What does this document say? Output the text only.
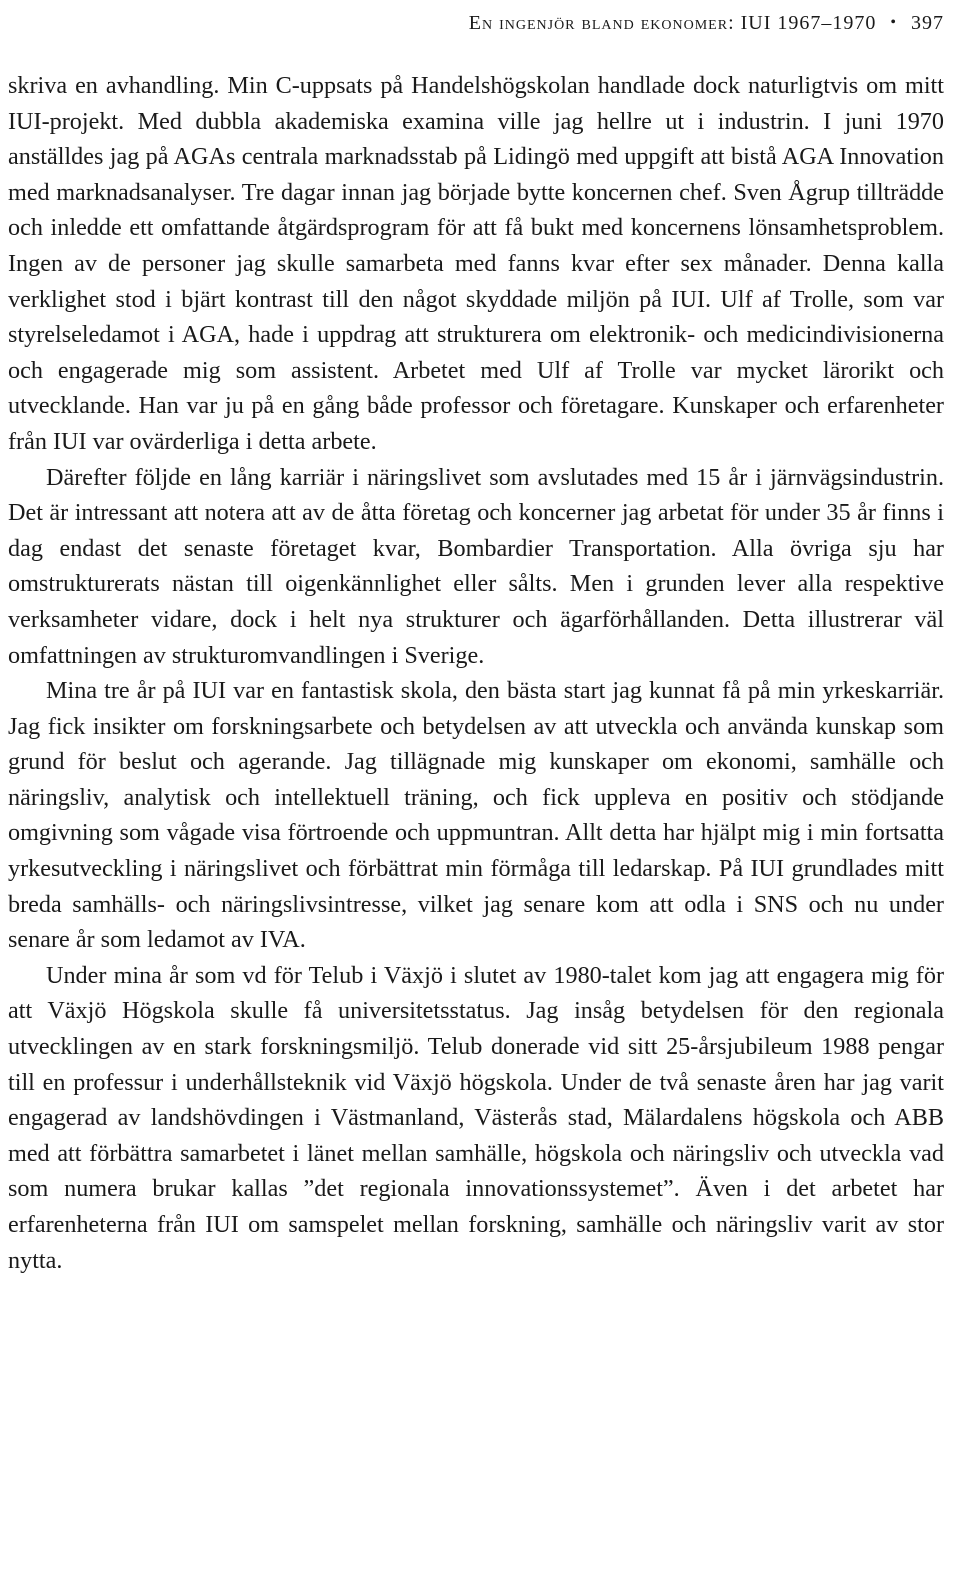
En ingenjör bland ekonomer: IUI 1967–1970 • 397

skriva en avhandling. Min C-uppsats på Handelshögskolan handlade dock naturligtvis om mitt IUI-projekt. Med dubbla akademiska examina ville jag hellre ut i industrin. I juni 1970 anställdes jag på AGAs centrala marknadsstab på Lidingö med uppgift att bistå AGA Innovation med marknadsanalyser. Tre dagar innan jag började bytte koncernen chef. Sven Ågrup tillträdde och inledde ett omfattande åtgärdsprogram för att få bukt med koncernens lönsamhetsproblem. Ingen av de personer jag skulle samarbeta med fanns kvar efter sex månader. Denna kalla verklighet stod i bjärt kontrast till den något skyddade miljön på IUI. Ulf af Trolle, som var styrelseledamot i AGA, hade i uppdrag att strukturera om elektronik- och medicindivisionerna och engagerade mig som assistent. Arbetet med Ulf af Trolle var mycket lärorikt och utvecklande. Han var ju på en gång både professor och företagare. Kunskaper och erfarenheter från IUI var ovärderliga i detta arbete.

Därefter följde en lång karriär i näringslivet som avslutades med 15 år i järnvägsindustrin. Det är intressant att notera att av de åtta företag och koncerner jag arbetat för under 35 år finns i dag endast det senaste företaget kvar, Bombardier Transportation. Alla övriga sju har omstrukturerats nästan till oigenkännlighet eller sålts. Men i grunden lever alla respektive verksamheter vidare, dock i helt nya strukturer och ägarförhållanden. Detta illustrerar väl omfattningen av strukturomvandlingen i Sverige.

Mina tre år på IUI var en fantastisk skola, den bästa start jag kunnat få på min yrkeskarriär. Jag fick insikter om forskningsarbete och betydelsen av att utveckla och använda kunskap som grund för beslut och agerande. Jag tillägnade mig kunskaper om ekonomi, samhälle och näringsliv, analytisk och intellektuell träning, och fick uppleva en positiv och stödjande omgivning som vågade visa förtroende och uppmuntran. Allt detta har hjälpt mig i min fortsatta yrkesutveckling i näringslivet och förbättrat min förmåga till ledarskap. På IUI grundlades mitt breda samhälls- och näringslivsintresse, vilket jag senare kom att odla i SNS och nu under senare år som ledamot av IVA.

Under mina år som vd för Telub i Växjö i slutet av 1980-talet kom jag att engagera mig för att Växjö Högskola skulle få universitetsstatus. Jag insåg betydelsen för den regionala utvecklingen av en stark forskningsmiljö. Telub donerade vid sitt 25-årsjubileum 1988 pengar till en professur i underhållsteknik vid Växjö högskola. Under de två senaste åren har jag varit engagerad av landshövdingen i Västmanland, Västerås stad, Mälardalens högskola och ABB med att förbättra samarbetet i länet mellan samhälle, högskola och näringsliv och utveckla vad som numera brukar kallas ”det regionala innovationssystemet”. Även i det arbetet har erfarenheterna från IUI om samspelet mellan forskning, samhälle och näringsliv varit av stor nytta.
